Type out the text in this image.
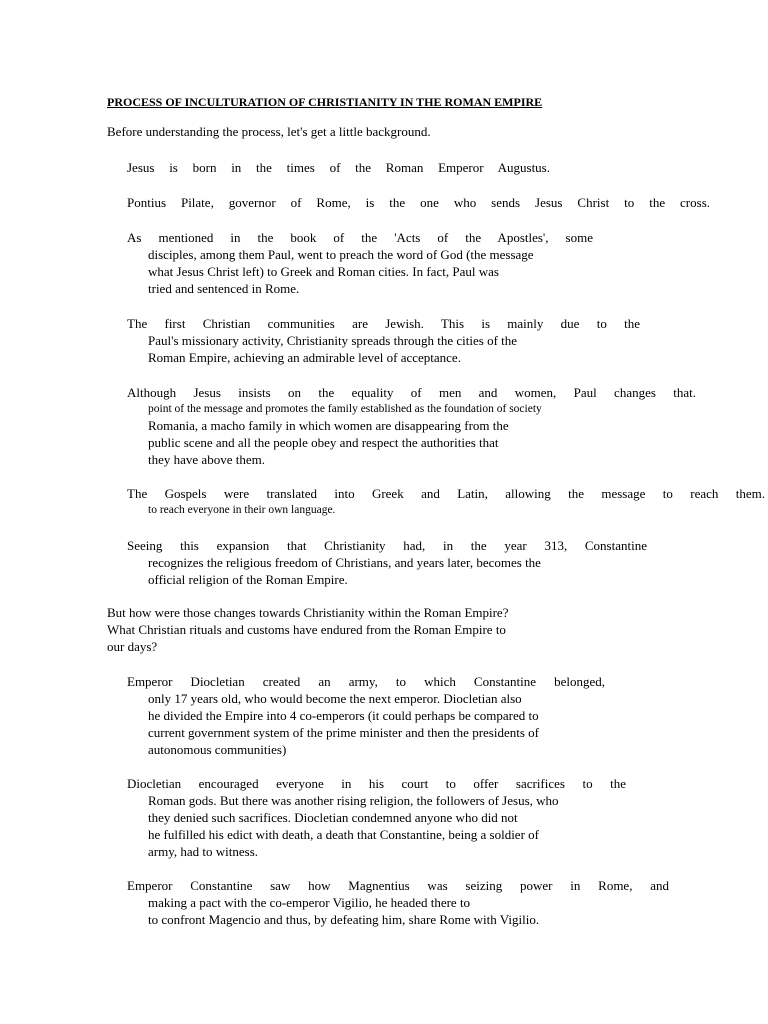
PROCESS OF INCULTURATION OF CHRISTIANITY IN THE ROMAN EMPIRE
Before understanding the process, let's get a little background.
Jesus is born in the times of the Roman Emperor Augustus.
Pontius Pilate, governor of Rome, is the one who sends Jesus Christ to the cross.
As mentioned in the book of the 'Acts of the Apostles', some
disciples, among them Paul, went to preach the word of God (the message
what Jesus Christ left) to Greek and Roman cities. In fact, Paul was
tried and sentenced in Rome.
The first Christian communities are Jewish. This is mainly due to the
Paul's missionary activity, Christianity spreads through the cities of the
Roman Empire, achieving an admirable level of acceptance.
Although Jesus insists on the equality of men and women, Paul changes that.
point of the message and promotes the family established as the foundation of society
Romania, a macho family in which women are disappearing from the
public scene and all the people obey and respect the authorities that
they have above them.
The Gospels were translated into Greek and Latin, allowing the message to reach them.
to reach everyone in their own language.
Seeing this expansion that Christianity had, in the year 313, Constantine
recognizes the religious freedom of Christians, and years later, becomes the
official religion of the Roman Empire.
But how were those changes towards Christianity within the Roman Empire?
What Christian rituals and customs have endured from the Roman Empire to
our days?
Emperor Diocletian created an army, to which Constantine belonged,
only 17 years old, who would become the next emperor. Diocletian also
he divided the Empire into 4 co-emperors (it could perhaps be compared to
current government system of the prime minister and then the presidents of
autonomous communities)
Diocletian encouraged everyone in his court to offer sacrifices to the
Roman gods. But there was another rising religion, the followers of Jesus, who
they denied such sacrifices. Diocletian condemned anyone who did not
he fulfilled his edict with death, a death that Constantine, being a soldier of
army, had to witness.
Emperor Constantine saw how Magnentius was seizing power in Rome, and
making a pact with the co-emperor Vigilio, he headed there to
to confront Magencio and thus, by defeating him, share Rome with Vigilio.
